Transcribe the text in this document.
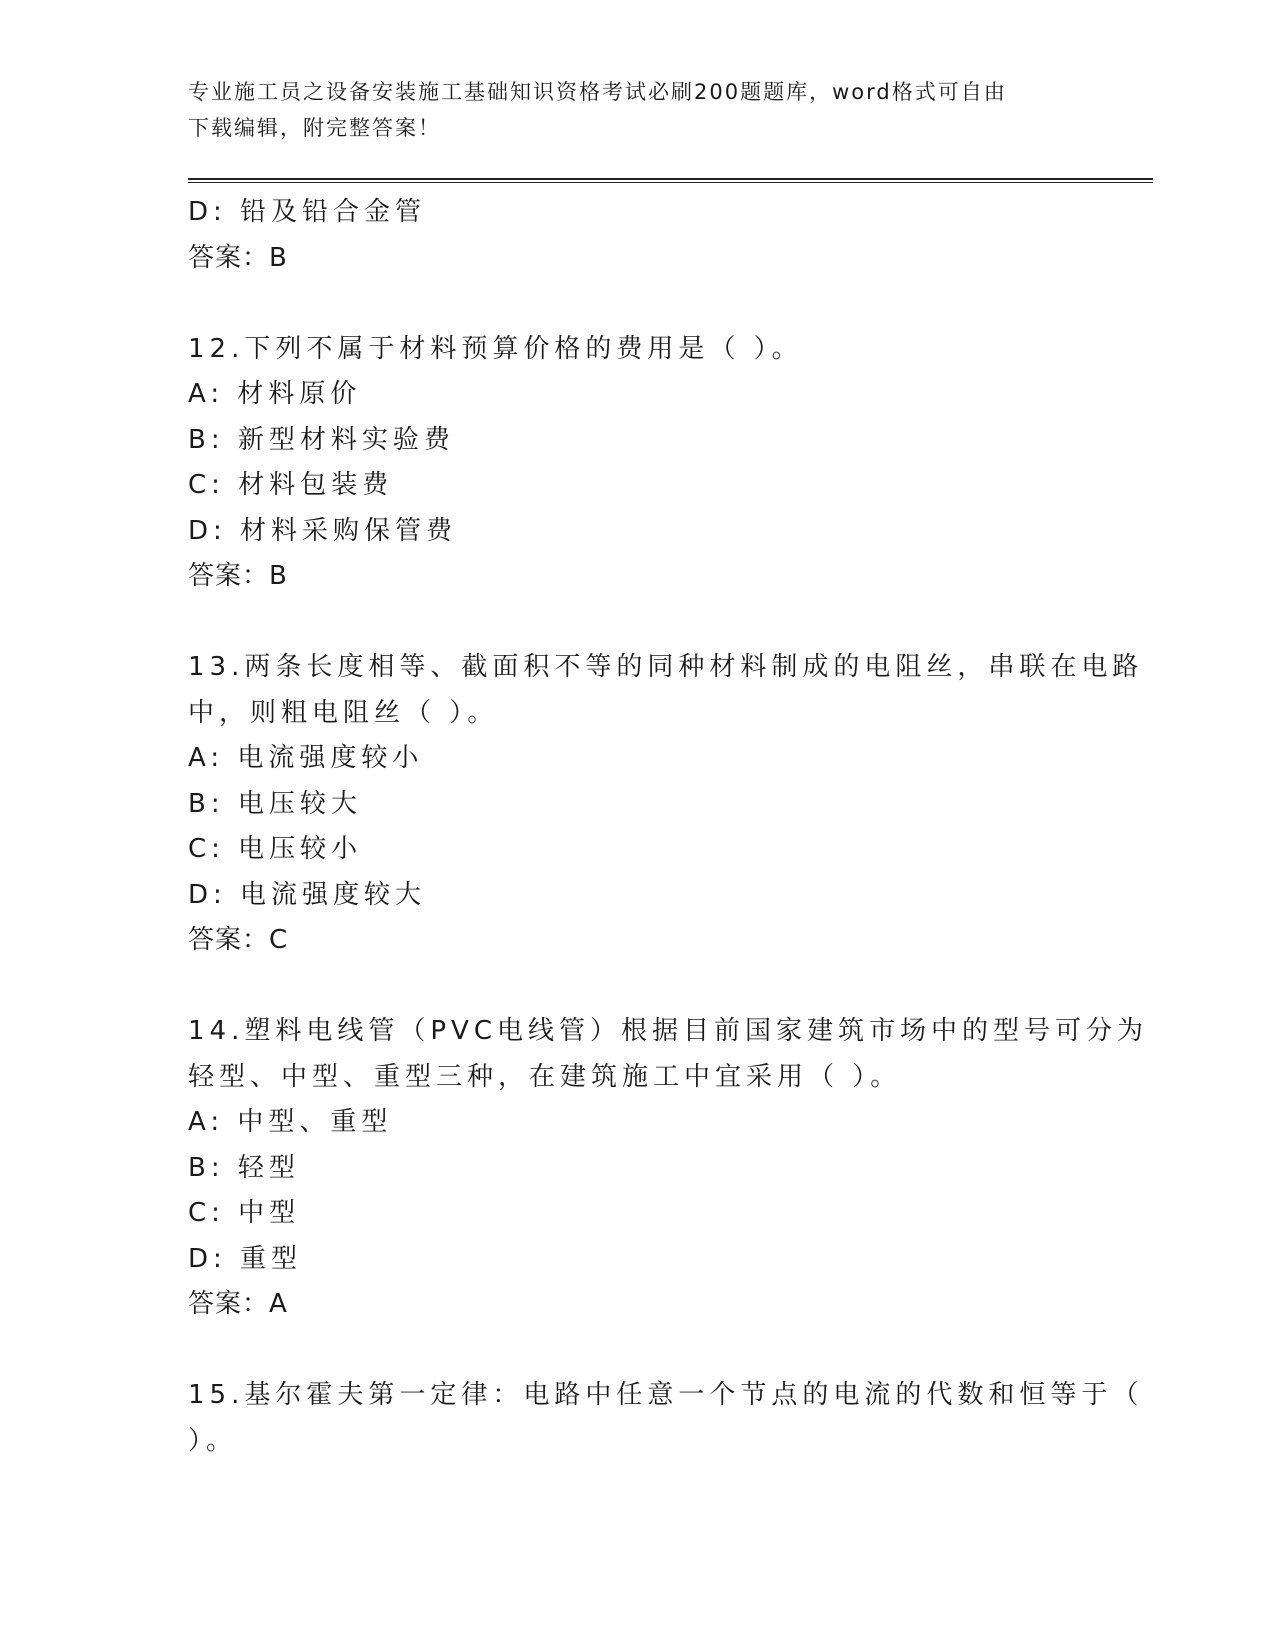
专业施工员之设备安装施工基础知识资格考试必刷200题题库，word格式可自由
下载编辑，附完整答案！
D: 铅及铅合金管
答案：B
12.下列不属于材料预算价格的费用是（ ）。
A: 材料原价
B: 新型材料实验费
C: 材料包装费
D: 材料采购保管费
答案：B
13.两条长度相等、截面积不等的同种材料制成的电阻丝，串联在电路
中，则粗电阻丝（ ）。
A: 电流强度较小
B: 电压较大
C: 电压较小
D: 电流强度较大
答案：C
14.塑料电线管（PVC电线管）根据目前国家建筑市场中的型号可分为
轻型、中型、重型三种，在建筑施工中宜采用（ ）。
A: 中型、重型
B: 轻型
C: 中型
D: 重型
答案：A
15.基尔霍夫第一定律：电路中任意一个节点的电流的代数和恒等于（
）。
